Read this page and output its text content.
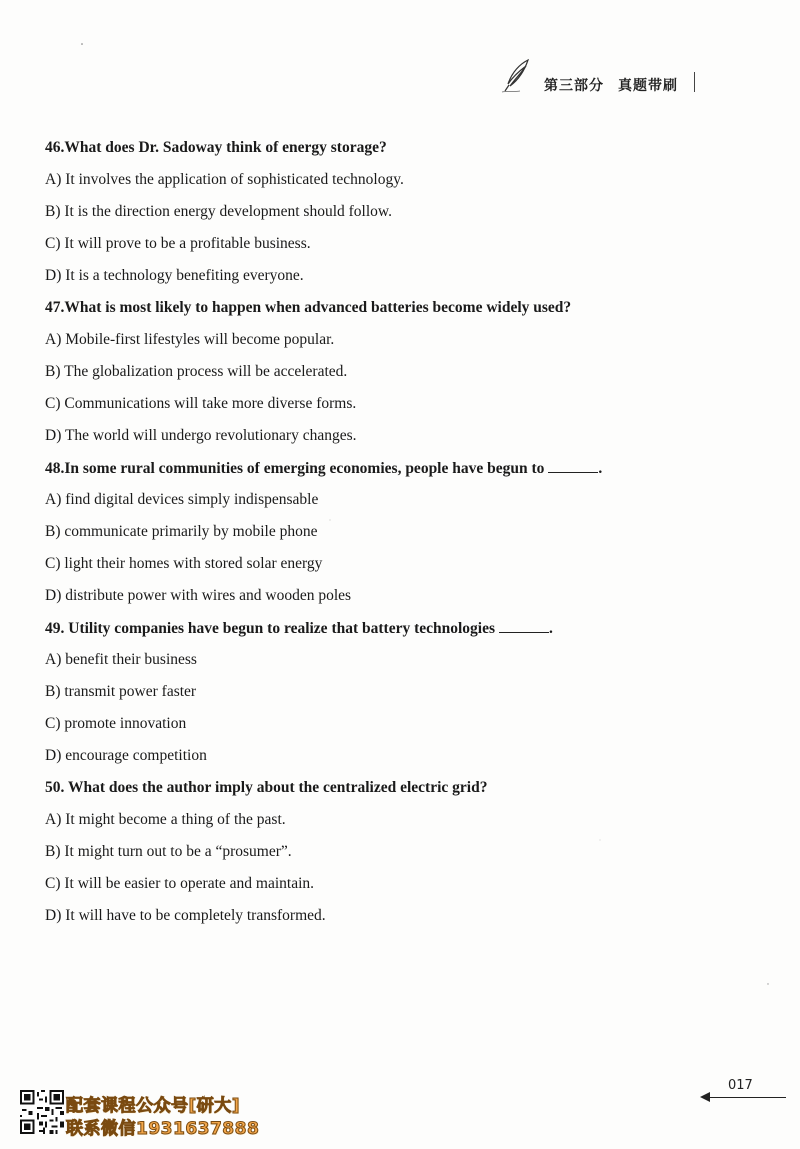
第三部分 真题带刷
46.What does Dr. Sadoway think of energy storage?
A) It involves the application of sophisticated technology.
B) It is the direction energy development should follow.
C) It will prove to be a profitable business.
D) It is a technology benefiting everyone.
47.What is most likely to happen when advanced batteries become widely used?
A) Mobile-first lifestyles will become popular.
B) The globalization process will be accelerated.
C) Communications will take more diverse forms.
D) The world will undergo revolutionary changes.
48.In some rural communities of emerging economies, people have begun to	.
A) find digital devices simply indispensable
B) communicate primarily by mobile phone
C) light their homes with stored solar energy
D) distribute power with wires and wooden poles
49. Utility companies have begun to realize that battery technologies	.
A) benefit their business
B) transmit power faster
C) promote innovation
D) encourage competition
50. What does the author imply about the centralized electric grid?
A) It might become a thing of the past.
B) It might turn out to be a “prosumer”.
C) It will be easier to operate and maintain.
D) It will have to be completely transformed.
017
配套课程公众号[研大]
联系微信1931637888
